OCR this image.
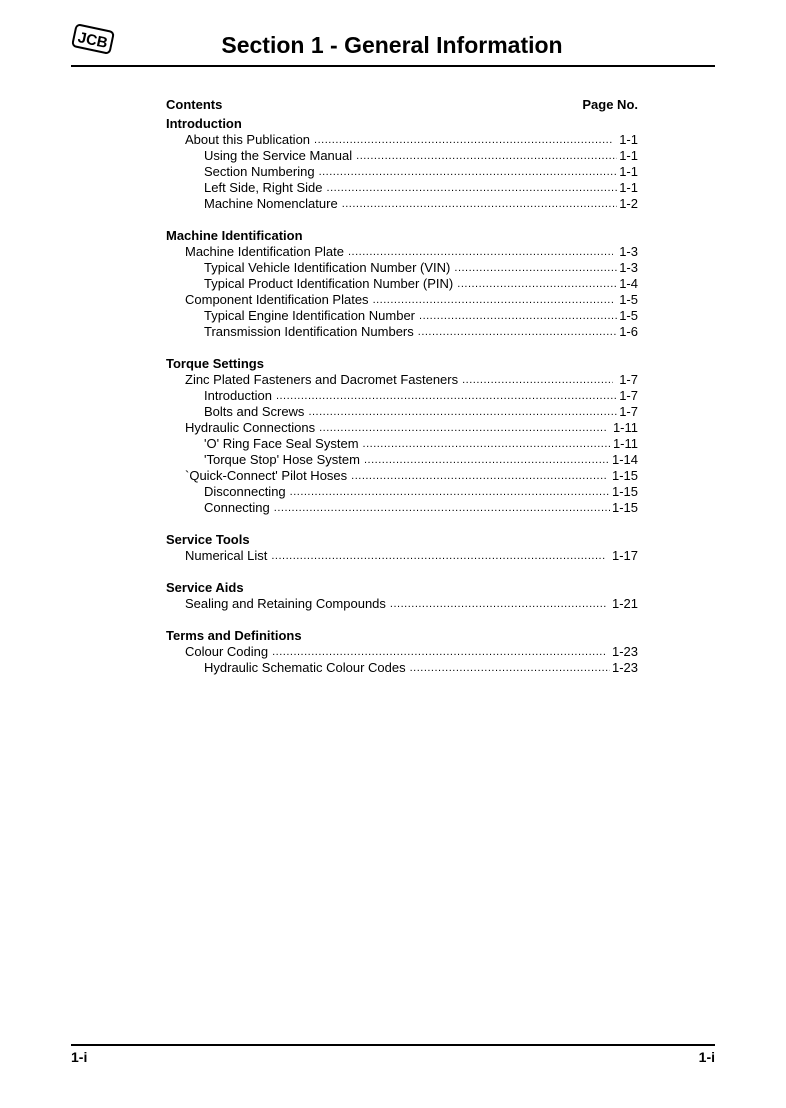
JCB	Section 1 - General Information
Contents	Page No.
Introduction
About this Publication .....	1-1
Using the Service Manual .....	1-1
Section Numbering .....	1-1
Left Side, Right Side .....	1-1
Machine Nomenclature .....	1-2
Machine Identification
Machine Identification Plate .....	1-3
Typical Vehicle Identification Number (VIN) .....	1-3
Typical Product Identification Number (PIN) .....	1-4
Component Identification Plates .....	1-5
Typical Engine Identification Number .....	1-5
Transmission Identification Numbers .....	1-6
Torque Settings
Zinc Plated Fasteners and Dacromet Fasteners .....	1-7
Introduction .....	1-7
Bolts and Screws .....	1-7
Hydraulic Connections .....	1-11
'O' Ring Face Seal System .....	1-11
'Torque Stop' Hose System .....	1-14
`Quick-Connect' Pilot Hoses .....	1-15
Disconnecting .....	1-15
Connecting .....	1-15
Service Tools
Numerical List .....	1-17
Service Aids
Sealing and Retaining Compounds .....	1-21
Terms and Definitions
Colour Coding .....	1-23
Hydraulic Schematic Colour Codes .....	1-23
1-i	1-i
